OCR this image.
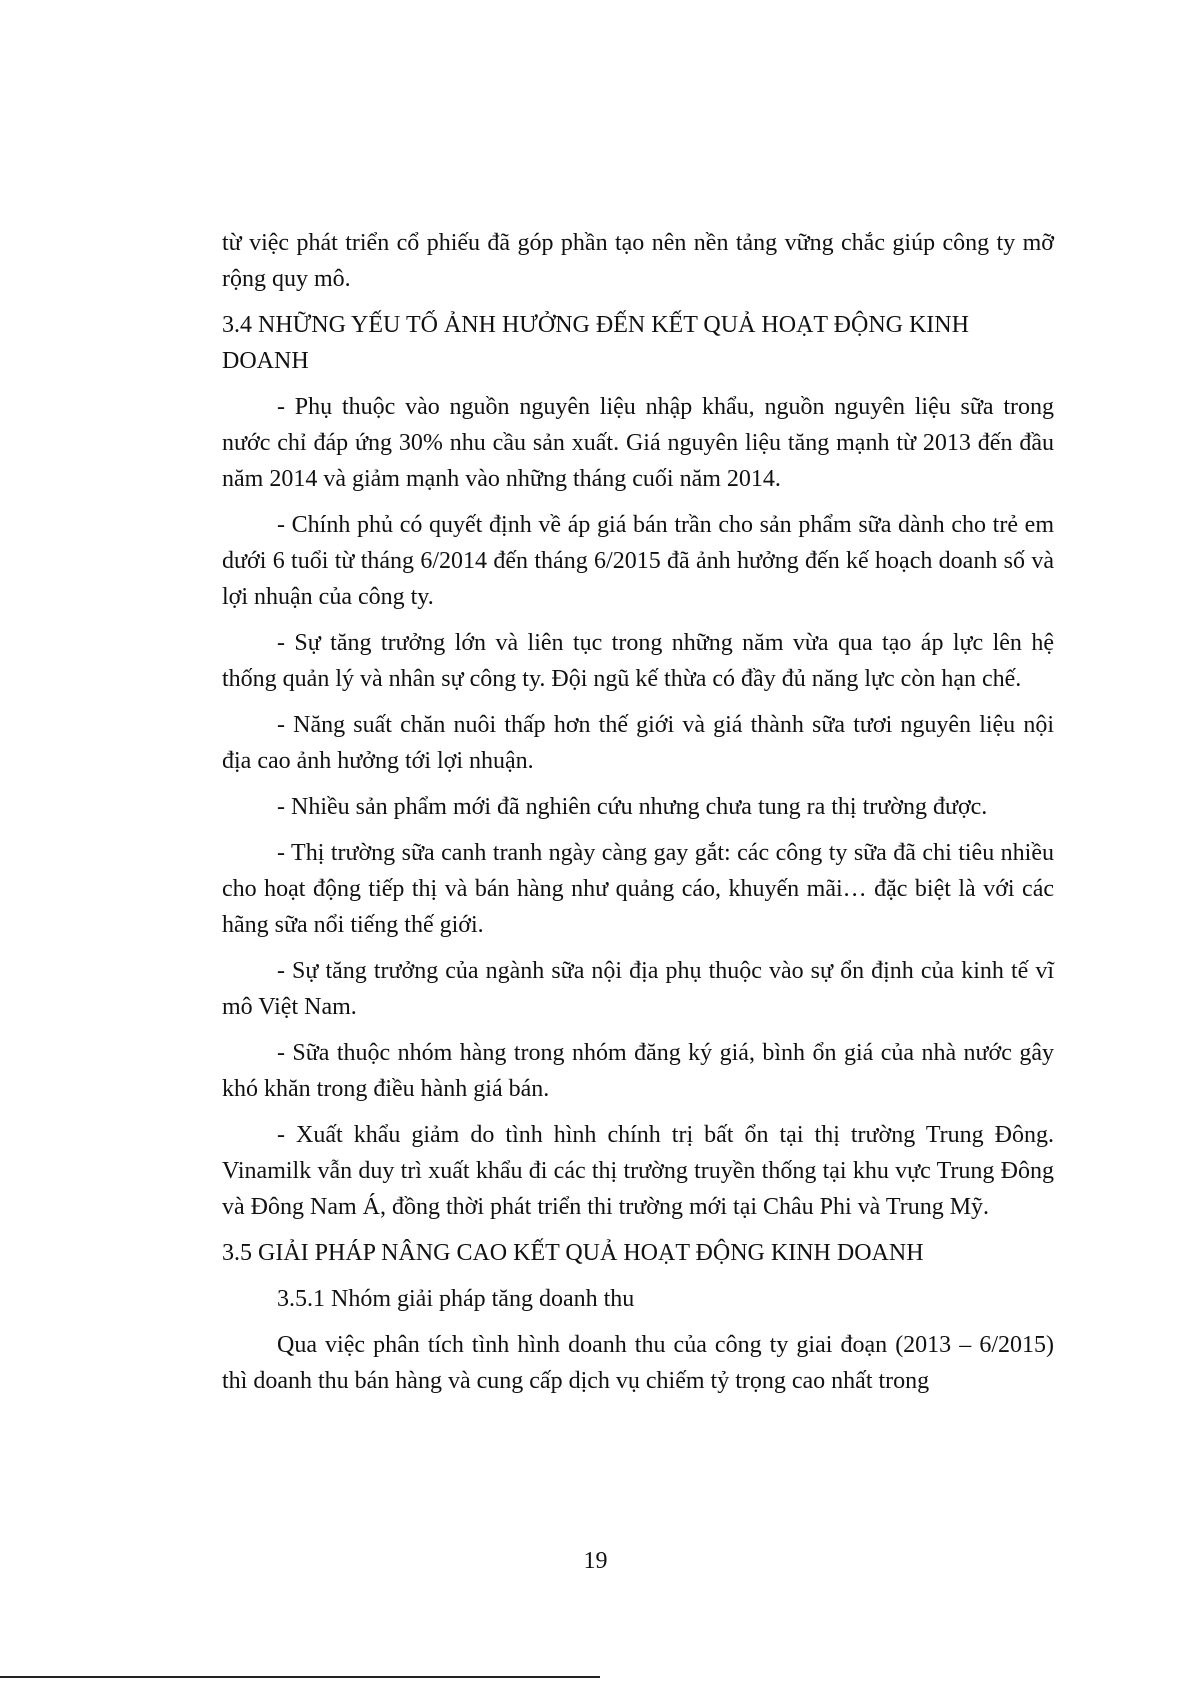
từ việc phát triển cổ phiếu đã góp phần tạo nên nền tảng vững chắc giúp công ty mỡ rộng quy mô.

3.4 NHỮNG YẾU TỐ ẢNH HƯỞNG ĐẾN KẾT QUẢ HOẠT ĐỘNG KINH DOANH

- Phụ thuộc vào nguồn nguyên liệu nhập khẩu, nguồn nguyên liệu sữa trong nước chỉ đáp ứng 30% nhu cầu sản xuất. Giá nguyên liệu tăng mạnh từ 2013 đến đầu năm 2014 và giảm mạnh vào những tháng cuối năm 2014.

- Chính phủ có quyết định về áp giá bán trần cho sản phẩm sữa dành cho trẻ em dưới 6 tuổi từ tháng 6/2014 đến tháng 6/2015 đã ảnh hưởng đến kế hoạch doanh số và lợi nhuận của công ty.

- Sự tăng trưởng lớn và liên tục trong những năm vừa qua tạo áp lực lên hệ thống quản lý và nhân sự công ty. Đội ngũ kế thừa có đầy đủ năng lực còn hạn chế.

- Năng suất chăn nuôi thấp hơn thế giới và giá thành sữa tươi nguyên liệu nội địa cao ảnh hưởng tới lợi nhuận.

- Nhiều sản phẩm mới đã nghiên cứu nhưng chưa tung ra thị trường được.

- Thị trường sữa canh tranh ngày càng gay gắt: các công ty sữa đã chi tiêu nhiều cho hoạt động tiếp thị và bán hàng như quảng cáo, khuyến mãi… đặc biệt là với các hãng sữa nổi tiếng thế giới.

- Sự tăng trưởng của ngành sữa nội địa phụ thuộc vào sự ổn định của kinh tế vĩ mô Việt Nam.

- Sữa thuộc nhóm hàng trong nhóm đăng ký giá, bình ổn giá của nhà nước gây khó khăn trong điều hành giá bán.

- Xuất khẩu giảm do tình hình chính trị bất ổn tại thị trường Trung Đông. Vinamilk vẫn duy trì xuất khẩu đi các thị trường truyền thống tại khu vực Trung Đông và Đông Nam Á, đồng thời phát triển thi trường mới tại Châu Phi và Trung Mỹ.

3.5 GIẢI PHÁP NÂNG CAO KẾT QUẢ HOẠT ĐỘNG KINH DOANH

3.5.1 Nhóm giải pháp tăng doanh thu

Qua việc phân tích tình hình doanh thu của công ty giai đoạn (2013 – 6/2015) thì doanh thu bán hàng và cung cấp dịch vụ chiếm tỷ trọng cao nhất trong

19
